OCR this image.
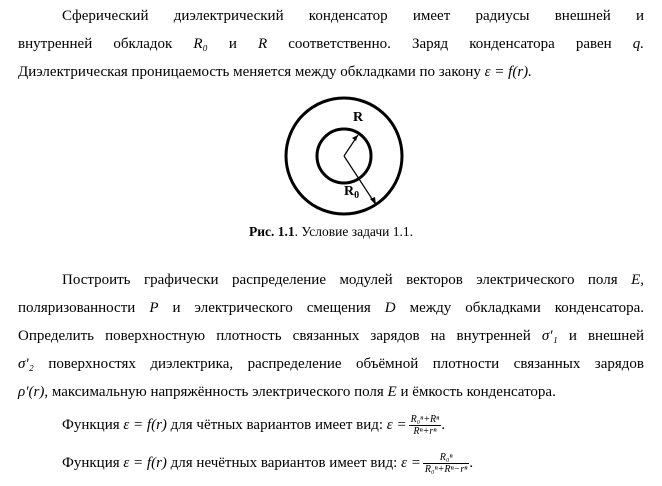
Сферический диэлектрический конденсатор имеет радиусы внешней и
внутренней обкладок R₀ и R соответственно. Заряд конденсатора равен q.
Диэлектрическая проницаемость меняется между обкладками по закону ε = f(r).
R
$R_0$
Рис. 1.1. Условие задачи 1.1.
Построить графически распределение модулей векторов электрического поля E,
поляризованности P и электрического смещения D между обкладками конденсатора.
Определить поверхностную плотность связанных зарядов на внутренней σ′₁ и внешней
σ′₂ поверхностях диэлектрика, распределение объёмной плотности связанных зарядов
ρ′(r), максимальную напряжённость электрического поля E и ёмкость конденсатора.
Функция ε = f(r) для чётных вариантов имеет вид: $\varepsilon = \frac{\text{R₀ⁿ+Rⁿ}}{\text{Rⁿ+rⁿ}}$ .
Функция ε = f(r) для нечётных вариантов имеет вид: $\varepsilon = \frac{\text{R₀ⁿ}}{\text{R₀ⁿ+Rⁿ−rⁿ}}$ .
